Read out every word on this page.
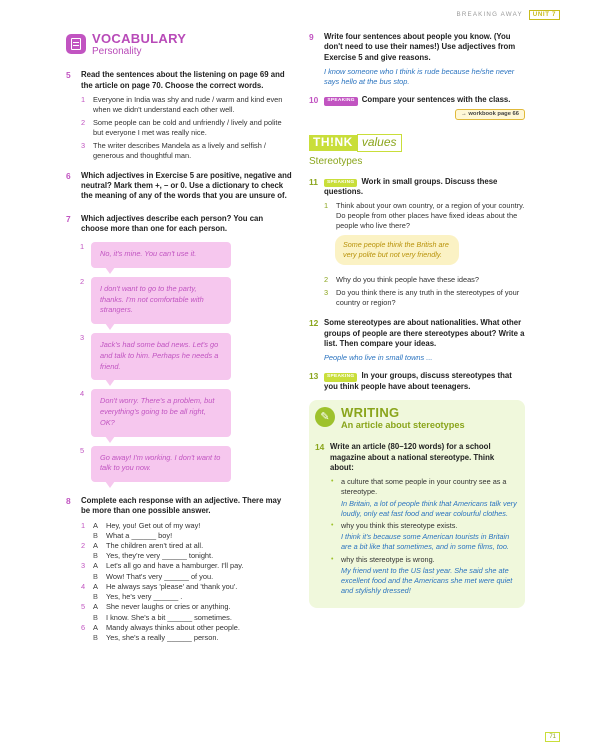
BREAKING AWAY	UNIT 7
VOCABULARY
Personality
5	Read the sentences about the listening on page 69 and the article on page 70. Choose the correct words.
1	Everyone in India was shy and rude / warm and kind even when we didn't understand each other well.
2	Some people can be cold and unfriendly / lively and polite but everyone I met was really nice.
3	The writer describes Mandela as a lively and selfish / generous and thoughtful man.
6	Which adjectives in Exercise 5 are positive, negative and neutral? Mark them +, – or 0. Use a dictionary to check the meaning of any of the words that you are unsure of.
7	Which adjectives describe each person? You can choose more than one for each person.
1
No, it's mine. You can't use it.
2
I don't want to go to the party, thanks. I'm not comfortable with strangers.
3
Jack's had some bad news. Let's go and talk to him. Perhaps he needs a friend.
4
Don't worry. There's a problem, but everything's going to be all right, OK?
5
Go away! I'm working. I don't want to talk to you now.
8	Complete each response with an adjective. There may be more than one possible answer.
1	A	Hey, you! Get out of my way!
B	What a ______ boy!
2	A	The children aren't tired at all.
B	Yes, they're very ______ tonight.
3	A	Let's all go and have a hamburger. I'll pay.
B	Wow! That's very ______ of you.
4	A	He always says 'please' and 'thank you'.
B	Yes, he's very ______ .
5	A	She never laughs or cries or anything.
B	I know. She's a bit ______ sometimes.
6	A	Mandy always thinks about other people.
B	Yes, she's a really ______ person.
9	Write four sentences about people you know. (You don't need to use their names!) Use adjectives from Exercise 5 and give reasons.
I know someone who I think is rude because he/she never says hello at the bus stop.
10	SPEAKING Compare your sentences with the class.
→ workbook page 66
TH!NK values
Stereotypes
11	SPEAKING Work in small groups. Discuss these questions.
1	Think about your own country, or a region of your country. Do people from other places have fixed ideas about the people who live there?
Some people think the British are very polite but not very friendly.
2	Why do you think people have these ideas?
3	Do you think there is any truth in the stereotypes of your country or region?
12 Some stereotypes are about nationalities. What other groups of people are there stereotypes about? Write a list. Then compare your ideas.
People who live in small towns ...
13	SPEAKING In your groups, discuss stereotypes that you think people have about teenagers.
✎ WRITING
An article about stereotypes
14 Write an article (80–120 words) for a school magazine about a national stereotype. Think about:
•	a culture that some people in your country see as a stereotype.
In Britain, a lot of people think that Americans talk very loudly, only eat fast food and wear colourful clothes.
•	why you think this stereotype exists.
I think it's because some American tourists in Britain are a bit like that sometimes, and in some films, too.
•	why this stereotype is wrong.
My friend went to the US last year. She said she ate excellent food and the Americans she met were quiet and stylishly dressed!
71
